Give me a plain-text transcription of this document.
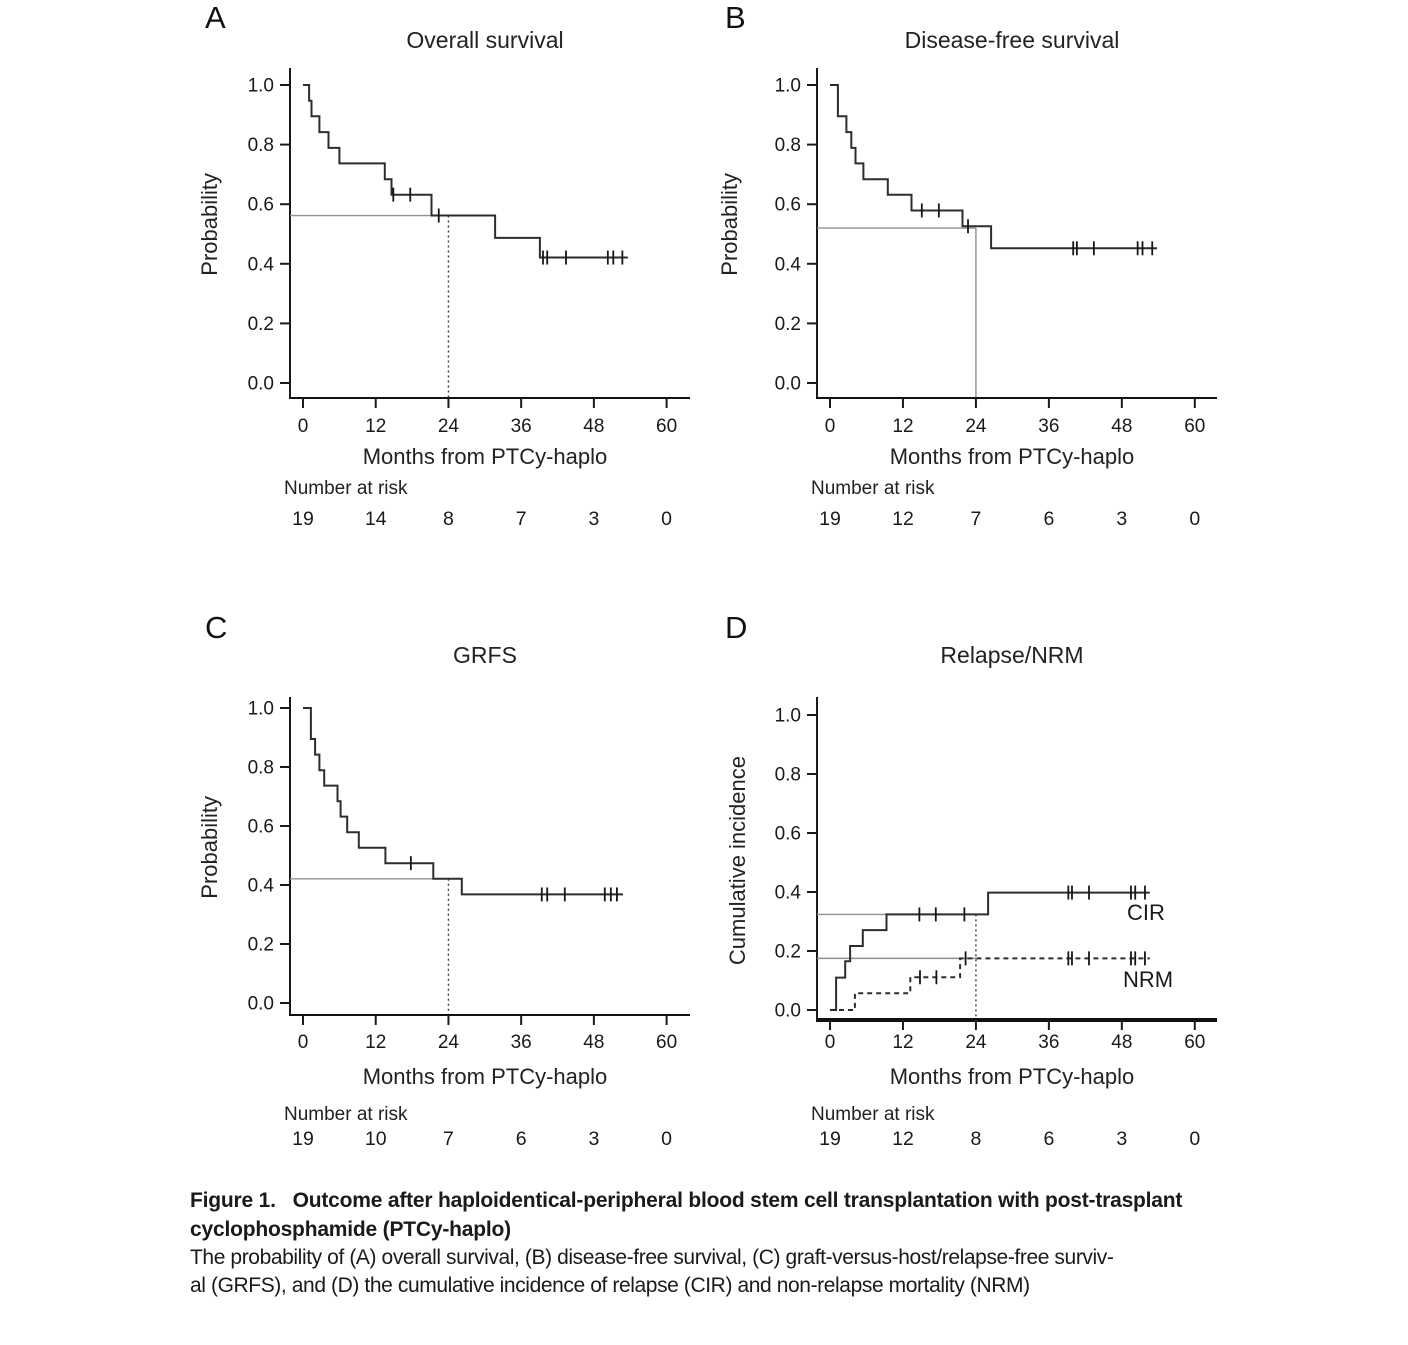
A
Overall survival
Probability
0.0
0.2
0.4
0.6
0.8
1.0
0
19
12
14
24
8
36
7
48
3
60
0
Months from PTCy-haplo
Number at risk
B
Disease-free survival
Probability
0.0
0.2
0.4
0.6
0.8
1.0
0
19
12
12
24
7
36
6
48
3
60
0
Months from PTCy-haplo
Number at risk
C
GRFS
Probability
0.0
0.2
0.4
0.6
0.8
1.0
0
19
12
10
24
7
36
6
48
3
60
0
Months from PTCy-haplo
Number at risk
D
Relapse/NRM
Cumulative incidence
0.0
0.2
0.4
0.6
0.8
1.0
0
19
12
12
24
8
36
6
48
3
60
0
CIR
NRM
Months from PTCy-haplo
Number at risk
Figure 1.   Outcome after haploidentical-peripheral blood stem cell transplantation with post-trasplant
cyclophosphamide (PTCy-haplo)
The probability of (A) overall survival, (B) disease-free survival, (C) graft-versus-host/relapse-free surviv-
al (GRFS), and (D) the cumulative incidence of relapse (CIR) and non-relapse mortality (NRM)
